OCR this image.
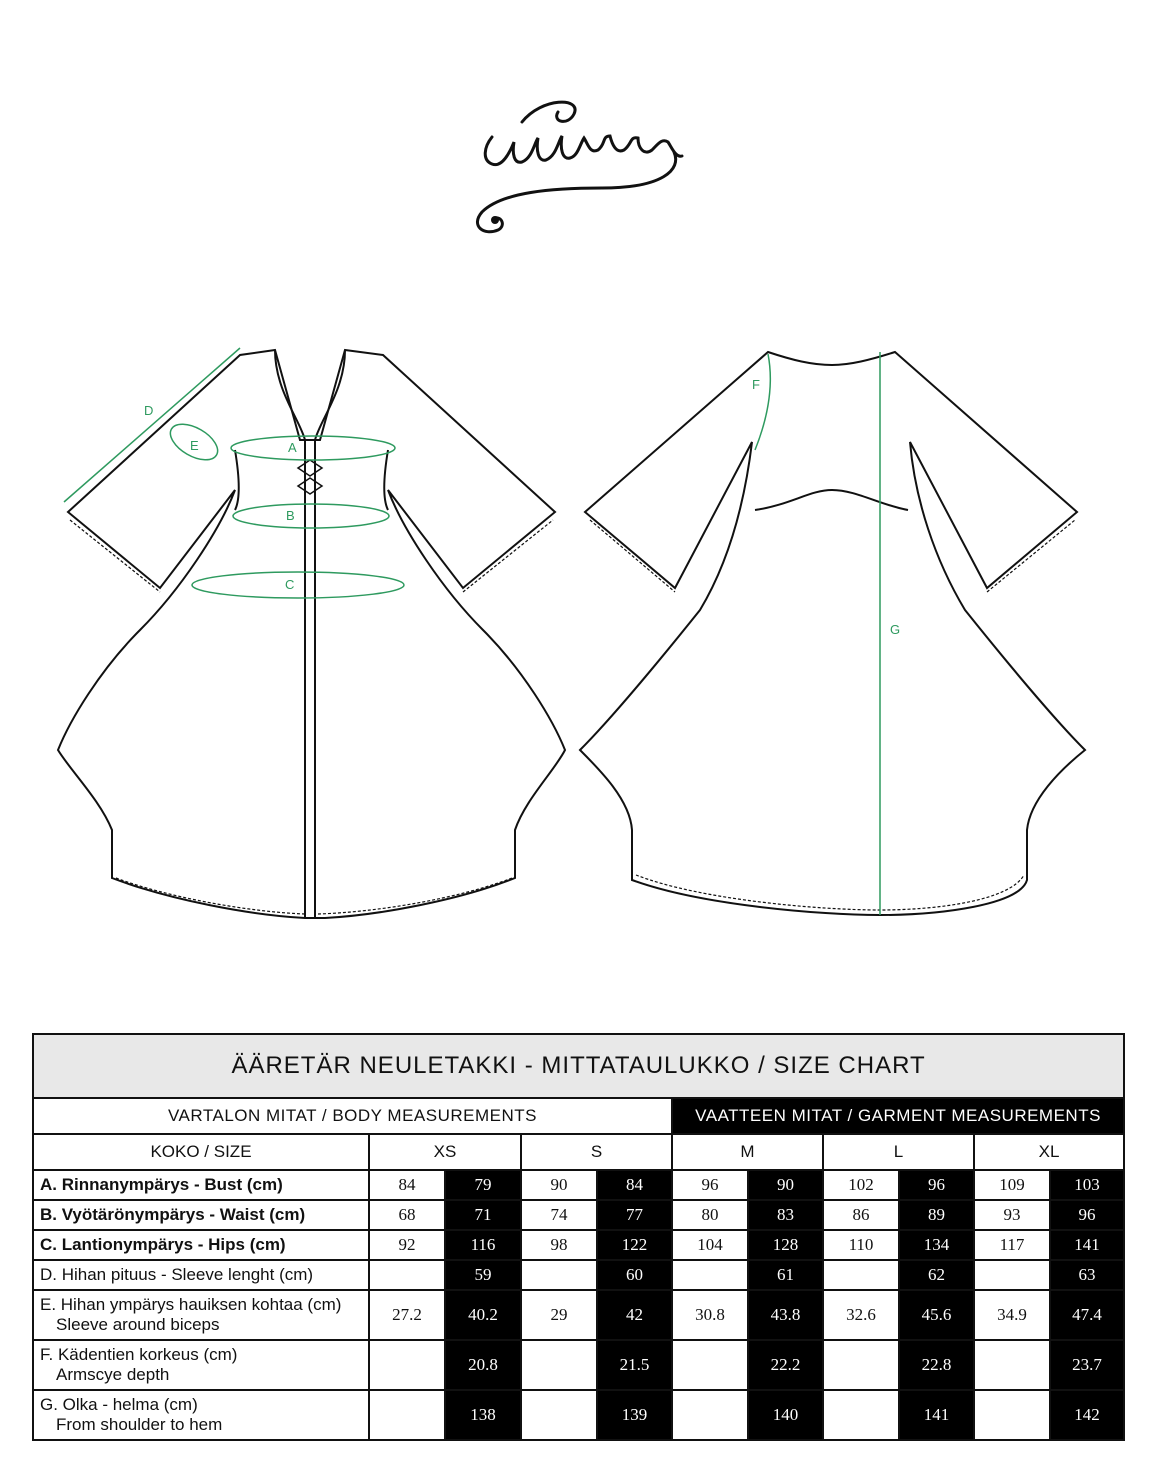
D
E	A
B
C
F
G
ÄÄRETÄR NEULETAKKI - MITTATAULUKKO / SIZE CHART										
VARTALON MITAT / BODY MEASUREMENTS					VAATTEEN MITAT / GARMENT MEASUREMENTS					
KOKO / SIZE	XS		S		M		L		XL	
A. Rinnanympärys - Bust (cm)	84	79	90	84	96	90	102	96	109	103
B. Vyötärönympärys - Waist (cm)	68	71	74	77	80	83	86	89	93	96
C. Lantionympärys - Hips (cm)	92	116	98	122	104	128	110	134	117	141
D. Hihan pituus - Sleeve lenght (cm)		59		60		61		62		63
E. Hihan ympärys hauiksen kohtaa (cm)
Sleeve around biceps	27.2	40.2	29	42	30.8	43.8	32.6	45.6	34.9	47.4
F. Kädentien korkeus (cm)
Armscye depth		20.8		21.5		22.2		22.8		23.7
G. Olka - helma (cm)
From shoulder to hem		138		139		140		141		142
